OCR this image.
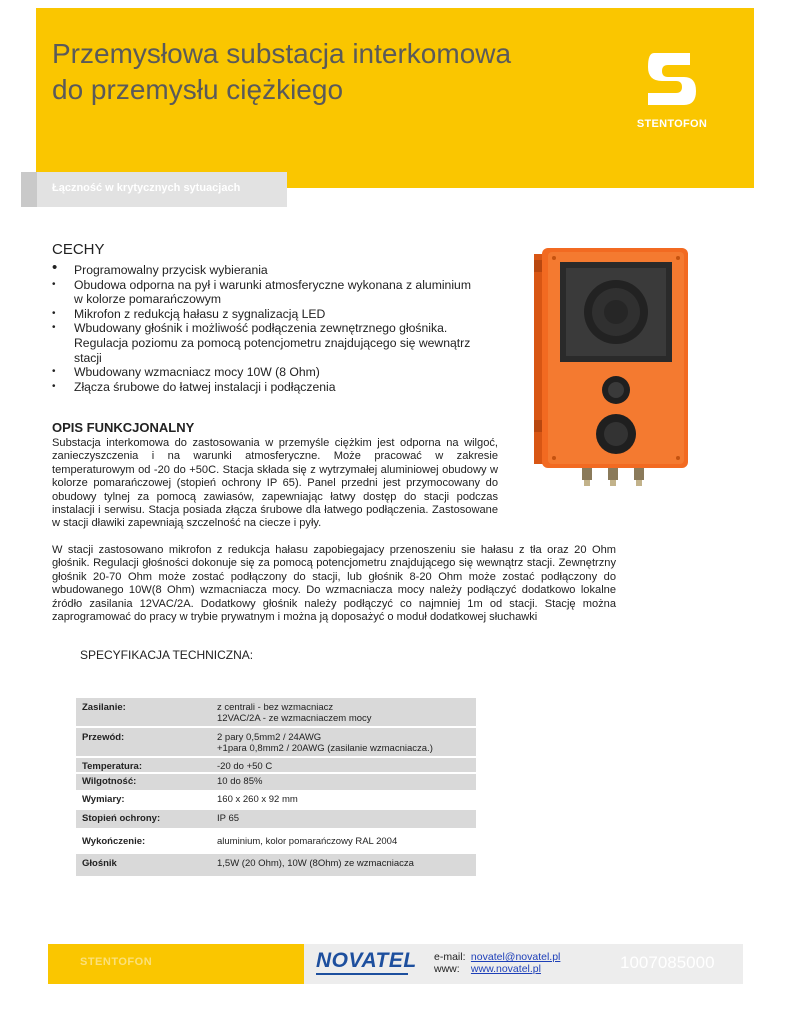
Przemysłowa substacja interkomowa
do przemysłu ciężkiego
STENTOFON
Łączność w krytycznych sytuacjach
CECHY
• Programowalny przycisk wybierania
• Obudowa odporna na pył i warunki atmosferyczne wykonana z aluminium
w kolorze pomarańczowym
• Mikrofon z redukcją hałasu z sygnalizacją LED
• Wbudowany głośnik i możliwość podłączenia zewnętrznego głośnika.
Regulacja poziomu za pomocą potencjometru znajdującego się wewnątrz
stacji
• Wbudowany wzmacniacz mocy 10W (8 Ohm)
• Złącza śrubowe do łatwej instalacji i podłączenia
OPIS FUNKCJONALNY

Substacja interkomowa do zastosowania w przemyśle ciężkim jest odporna na wilgoć, zanieczyszczenia i na warunki atmosferyczne. Może pracować w zakresie temperaturowym od -20 do +50C. Stacja składa się z wytrzymałej aluminiowej obudowy w kolorze pomarańczowej (stopień ochrony IP 65). Panel przedni jest przymocowany do obudowy tylnej za pomocą zawiasów, zapewniając łatwy dostęp do stacji podczas instalacji i serwisu. Stacja posiada złącza śrubowe dla łatwego podłączenia. Zastosowane w stacji dławiki zapewniają szczelność na ciecze i pyły.

W stacji zastosowano mikrofon z redukcja hałasu zapobiegajacy przenoszeniu sie hałasu z tła oraz 20 Ohm głośnik. Regulacji głośności dokonuje się za pomocą potencjometru znajdującego się wewnątrz stacji. Zewnętrzny głośnik 20-70 Ohm może zostać podłączony do stacji, lub głośnik 8-20 Ohm może zostać podłączony do wbudowanego 10W(8 Ohm) wzmacniacza mocy. Do wzmacniacza mocy należy podłączyć dodatkowo lokalne źródło zasilania 12VAC/2A. Dodatkowy głośnik należy podłączyć co najmniej 1m od stacji. Stację można zaprogramować do pracy w trybie prywatnym i można ją doposażyć o moduł dodatkowej słuchawki

SPECYFIKACJA TECHNICZNA:
Zasilanie:	z centrali - bez wzmacniacz
12VAC/2A - ze wzmacniaczem mocy
Przewód:	2 pary 0,5mm2 / 24AWG
+1para 0,8mm2 / 20AWG (zasilanie wzmacniacza.)
Temperatura:	-20 do +50 C
Wilgotność:	10 do 85%
Wymiary:	160 x 260 x 92 mm
Stopień ochrony:	IP 65
Wykończenie:	aluminium, kolor pomarańczowy RAL 2004
Głośnik	1,5W (20 Ohm), 10W (8Ohm) ze wzmacniacza
STENTOFON	NOVATEL e-mail: novatel@novatel.pl
www: www.novatel.pl	1007085000
